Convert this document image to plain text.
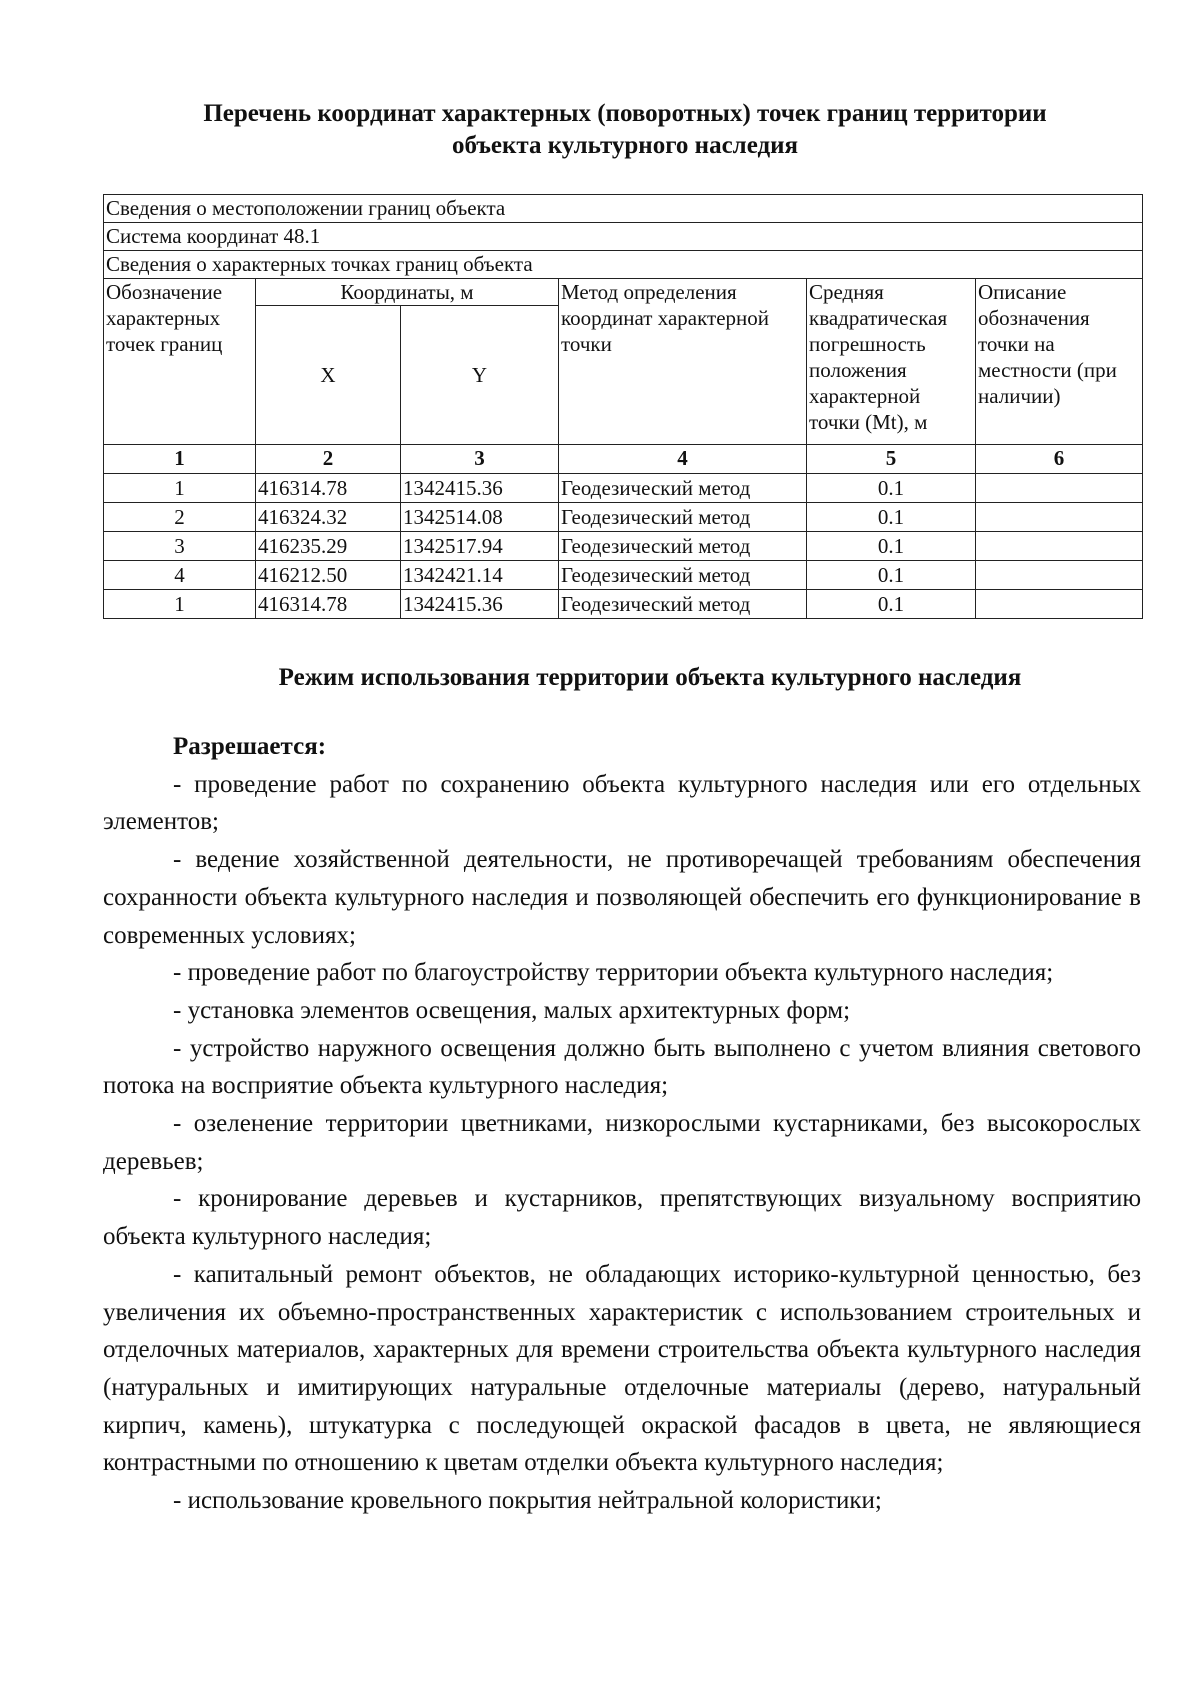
Перечень координат характерных (поворотных) точек границ территории
объекта культурного наследия
Сведения о местоположении границ объекта					
Система координат 48.1					
Сведения о характерных точках границ объекта					
Обозначение характерных точек границ	Координаты, м		Метод определения координат характерной точки	Средняя квадратическая погрешность положения характерной точки (Mt), м	Описание обозначения точки на местности (при наличии)
	X	Y			
1	2	3	4	5	6
1	416314.78	1342415.36	Геодезический метод	0.1	
2	416324.32	1342514.08	Геодезический метод	0.1	
3	416235.29	1342517.94	Геодезический метод	0.1	
4	416212.50	1342421.14	Геодезический метод	0.1	
1	416314.78	1342415.36	Геодезический метод	0.1	
Режим использования территории объекта культурного наследия
Разрешается:

- проведение работ по сохранению объекта культурного наследия или его отдельных элементов;

- ведение хозяйственной деятельности, не противоречащей требованиям обеспечения сохранности объекта культурного наследия и позволяющей обеспечить его функционирование в современных условиях;

- проведение работ по благоустройству территории объекта культурного наследия;

- установка элементов освещения, малых архитектурных форм;

- устройство наружного освещения должно быть выполнено с учетом влияния светового потока на восприятие объекта культурного наследия;

- озеленение территории цветниками, низкорослыми кустарниками, без высокорослых деревьев;

- кронирование деревьев и кустарников, препятствующих визуальному восприятию объекта культурного наследия;

- капитальный ремонт объектов, не обладающих историко-культурной ценностью, без увеличения их объемно-пространственных характеристик с использованием строительных и отделочных материалов, характерных для времени строительства объекта культурного наследия (натуральных и имитирующих натуральные отделочные материалы (дерево, натуральный кирпич, камень), штукатурка с последующей окраской фасадов в цвета, не являющиеся контрастными по отношению к цветам отделки объекта культурного наследия;

- использование кровельного покрытия нейтральной колористики;
